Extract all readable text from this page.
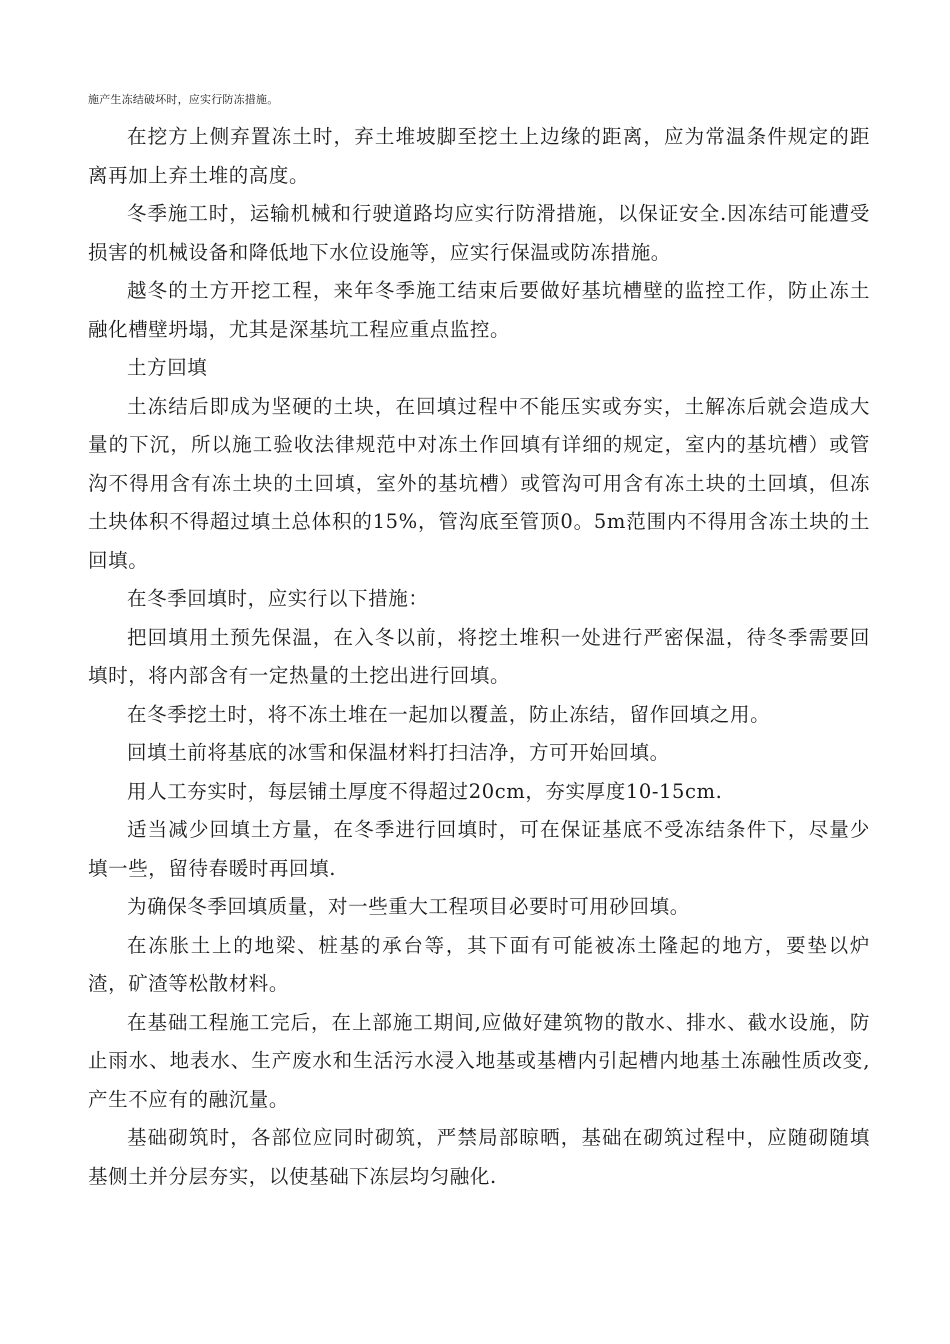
施产生冻结破坏时，应实行防冻措施。

在挖方上侧弃置冻土时，弃土堆坡脚至挖土上边缘的距离，应为常温条件规定的距离再加上弃土堆的高度。

冬季施工时，运输机械和行驶道路均应实行防滑措施，以保证安全.因冻结可能遭受损害的机械设备和降低地下水位设施等，应实行保温或防冻措施。

越冬的土方开挖工程，来年冬季施工结束后要做好基坑槽壁的监控工作，防止冻土融化槽壁坍塌，尤其是深基坑工程应重点监控。

土方回填

土冻结后即成为坚硬的土块，在回填过程中不能压实或夯实，土解冻后就会造成大量的下沉，所以施工验收法律规范中对冻土作回填有详细的规定，室内的基坑槽）或管沟不得用含有冻土块的土回填，室外的基坑槽）或管沟可用含有冻土块的土回填，但冻土块体积不得超过填土总体积的15%，管沟底至管顶0。5m范围内不得用含冻土块的土回填。

在冬季回填时，应实行以下措施：

把回填用土预先保温，在入冬以前，将挖土堆积一处进行严密保温，待冬季需要回填时，将内部含有一定热量的土挖出进行回填。

在冬季挖土时，将不冻土堆在一起加以覆盖，防止冻结，留作回填之用。

回填土前将基底的冰雪和保温材料打扫洁净，方可开始回填。

用人工夯实时，每层铺土厚度不得超过20cm，夯实厚度10-15cm.

适当减少回填土方量，在冬季进行回填时，可在保证基底不受冻结条件下，尽量少填一些，留待春暖时再回填.

为确保冬季回填质量，对一些重大工程项目必要时可用砂回填。

在冻胀土上的地梁、桩基的承台等，其下面有可能被冻土隆起的地方，要垫以炉渣，矿渣等松散材料。

在基础工程施工完后，在上部施工期间,应做好建筑物的散水、排水、截水设施，防止雨水、地表水、生产废水和生活污水浸入地基或基槽内引起槽内地基土冻融性质改变,产生不应有的融沉量。

基础砌筑时，各部位应同时砌筑，严禁局部晾晒，基础在砌筑过程中，应随砌随填基侧土并分层夯实，以使基础下冻层均匀融化.
